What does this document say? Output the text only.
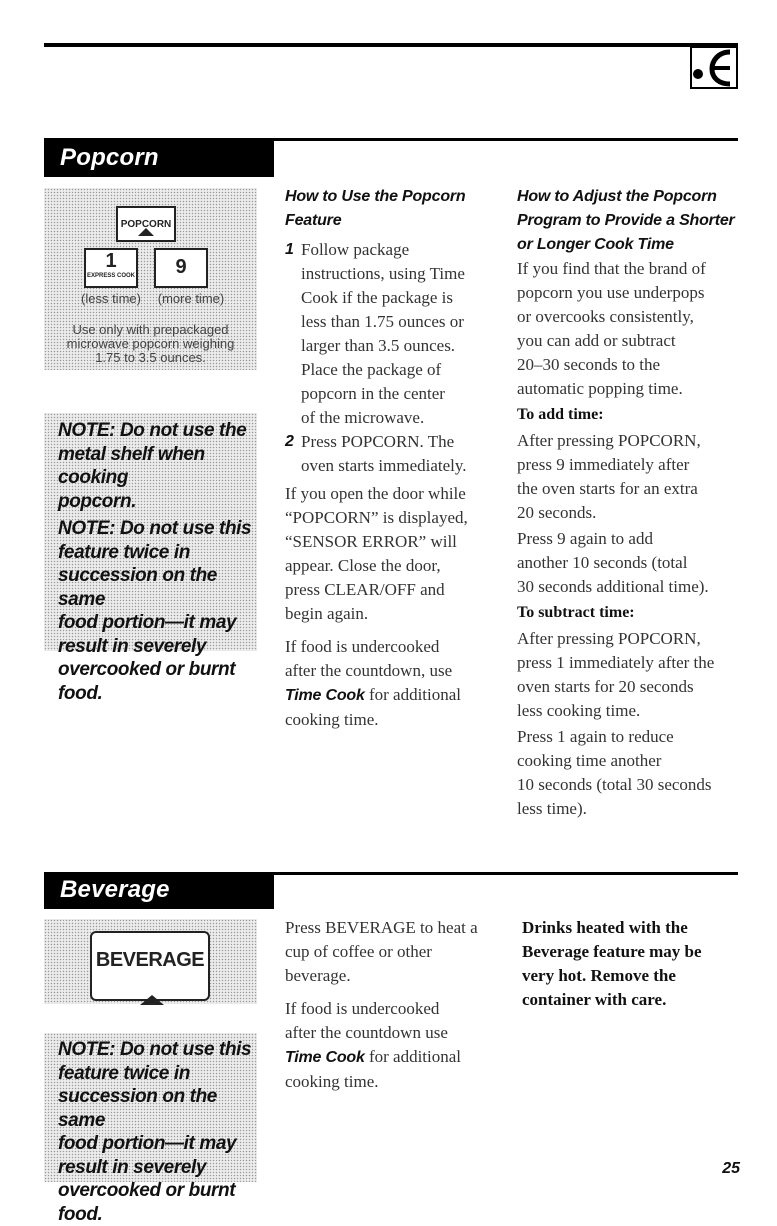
Popcorn
POPCORN
1
EXPRESS COOK	9
(less time)	(more time)
Use only with prepackaged
microwave popcorn weighing
1.75 to 3.5 ounces.

NOTE: Do not use the

metal shelf when cooking

popcorn.

NOTE: Do not use this

feature twice in

succession on the same

food portion—it may

result in severely

overcooked or burnt food.

How to Use the Popcorn

Feature

1 Follow package

instructions, using Time

Cook if the package is

less than 1.75 ounces or

larger than 3.5 ounces.

Place the package of

popcorn in the center

of the microwave.

2 Press POPCORN. The

oven starts immediately.

If you open the door while

“POPCORN” is displayed,

“SENSOR ERROR” will

appear. Close the door,

press CLEAR/OFF and

begin again.

If food is undercooked

after the countdown, use

Time Cook for additional

cooking time.

How to Adjust the Popcorn

Program to Provide a Shorter

or Longer Cook Time

If you find that the brand of

popcorn you use underpops

or overcooks consistently,

you can add or subtract

20–30 seconds to the

automatic popping time.

To add time:

After pressing POPCORN,

press 9 immediately after

the oven starts for an extra

20 seconds.

Press 9 again to add

another 10 seconds (total

30 seconds additional time).

To subtract time:

After pressing POPCORN,

press 1 immediately after the

oven starts for 20 seconds

less cooking time.

Press 1 again to reduce

cooking time another

10 seconds (total 30 seconds

less time).

Beverage
BEVERAGE

NOTE: Do not use this

feature twice in

succession on the same

food portion—it may

result in severely

overcooked or burnt food.

Press BEVERAGE to heat a

cup of coffee or other

beverage.

If food is undercooked

after the countdown use

Time Cook for additional

cooking time.

Drinks heated with the

Beverage feature may be

very hot. Remove the

container with care.

25
